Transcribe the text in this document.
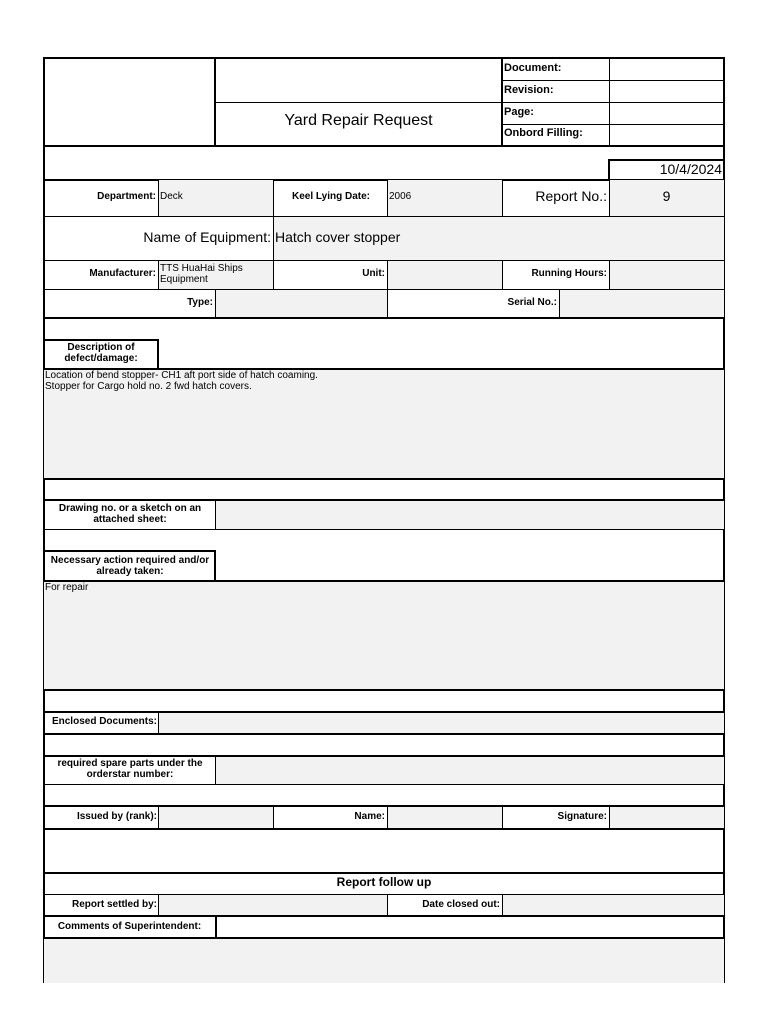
Yard Repair Request
Document:
Revision:
Page:
Onbord Filling:
10/4/2024
Department: Deck	Keel Lying Date: 2006	Report No.:	9
Name of Equipment: Hatch cover stopper
Manufacturer: TTS HuaHai Ships Equipment
Unit:	Running Hours:
Type:	Serial No.:
Description of defect/damage:
Location of bend stopper- CH1 aft port side of hatch coaming.
Stopper for Cargo hold no. 2 fwd hatch covers.
Drawing no. or a sketch on an attached sheet:
Necessary action required and/or already taken:
For repair
Enclosed Documents:
required spare parts under the orderstar number:
Issued by (rank):	Name:	Signature:
Report follow up
Report settled by:	Date closed out:
Comments of Superintendent:
